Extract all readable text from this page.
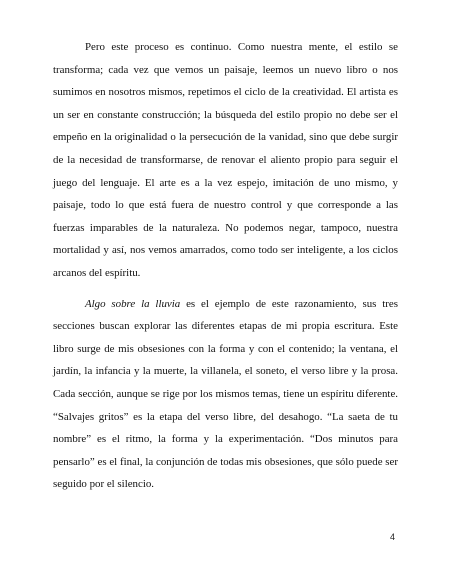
Pero este proceso es continuo. Como nuestra mente, el estilo se transforma; cada vez que vemos un paisaje, leemos un nuevo libro o nos sumimos en nosotros mismos, repetimos el ciclo de la creatividad. El artista es un ser en constante construcción; la búsqueda del estilo propio no debe ser el empeño en la originalidad o la persecución de la vanidad, sino que debe surgir de la necesidad de transformarse, de renovar el aliento propio para seguir el juego del lenguaje. El arte es a la vez espejo, imitación de uno mismo, y paisaje, todo lo que está fuera de nuestro control y que corresponde a las fuerzas imparables de la naturaleza. No podemos negar, tampoco, nuestra mortalidad y así, nos vemos amarrados, como todo ser inteligente, a los ciclos arcanos del espíritu.

Algo sobre la lluvia es el ejemplo de este razonamiento, sus tres secciones buscan explorar las diferentes etapas de mi propia escritura. Este libro surge de mis obsesiones con la forma y con el contenido; la ventana, el jardín, la infancia y la muerte, la villanela, el soneto, el verso libre y la prosa. Cada sección, aunque se rige por los mismos temas, tiene un espíritu diferente. “Salvajes gritos” es la etapa del verso libre, del desahogo. “La saeta de tu nombre” es el ritmo, la forma y la experimentación. “Dos minutos para pensarlo” es el final, la conjunción de todas mis obsesiones, que sólo puede ser seguido por el silencio.

4
